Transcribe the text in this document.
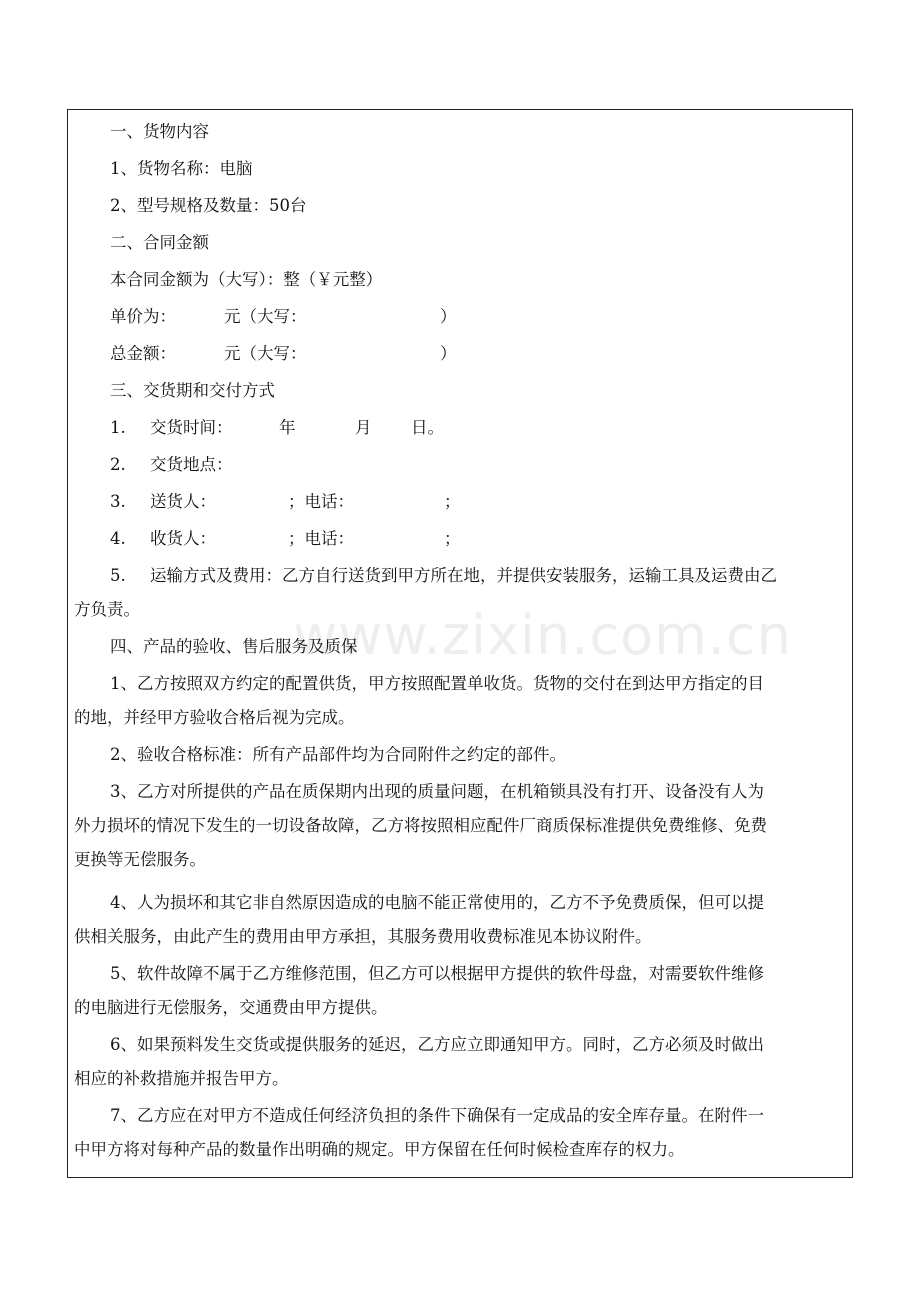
www.zixin.com.cn
一、货物内容
1、货物名称：电脑
2、型号规格及数量：50台
二、合同金额
本合同金额为（大写）：整（￥元整）
单价为：	元（大写：	）
总金额：	元（大写：	）
三、交货期和交付方式
1. 交货时间：	年	月 日。
2. 交货地点：
3. 送货人：	；电话：	；
4. 收货人：	；电话：	；
5. 运输方式及费用：乙方自行送货到甲方所在地，并提供安装服务，运输工具及运费由乙
方负责。
四、产品的验收、售后服务及质保
1、乙方按照双方约定的配置供货，甲方按照配置单收货。货物的交付在到达甲方指定的目
的地，并经甲方验收合格后视为完成。
2、验收合格标准：所有产品部件均为合同附件之约定的部件。
3、乙方对所提供的产品在质保期内出现的质量问题，在机箱锁具没有打开、设备没有人为
外力损坏的情况下发生的一切设备故障，乙方将按照相应配件厂商质保标准提供免费维修、免费
更换等无偿服务。
4、人为损坏和其它非自然原因造成的电脑不能正常使用的，乙方不予免费质保，但可以提
供相关服务，由此产生的费用由甲方承担，其服务费用收费标准见本协议附件。
5、软件故障不属于乙方维修范围，但乙方可以根据甲方提供的软件母盘，对需要软件维修
的电脑进行无偿服务，交通费由甲方提供。
6、如果预料发生交货或提供服务的延迟，乙方应立即通知甲方。同时，乙方必须及时做出
相应的补救措施并报告甲方。
7、乙方应在对甲方不造成任何经济负担的条件下确保有一定成品的安全库存量。在附件一
中甲方将对每种产品的数量作出明确的规定。甲方保留在任何时候检查库存的权力。
